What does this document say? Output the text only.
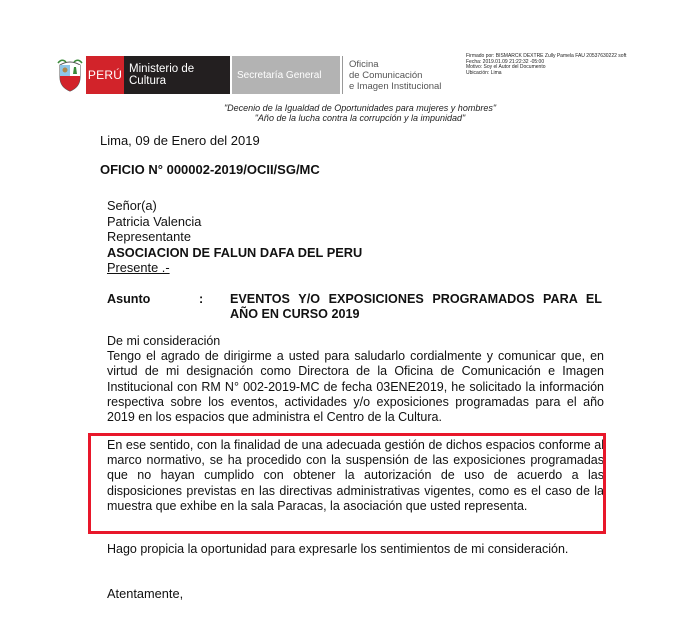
PERÚ Ministerio de Cultura	Secretaría General
Oficina
de Comunicación
e Imagen Institucional
Firmado por: BISMARCK DEXTRE Zully Pamela FAU 20537630222 soft
Fecha: 2019.01.09 21:22:32 -05:00
Motivo: Soy el Autor del Documento
Ubicación: Lima
"Decenio de la Igualdad de Oportunidades para mujeres y hombres"
"Año de la lucha contra la corrupción y la impunidad"
Lima, 09 de Enero del 2019
OFICIO N° 000002-2019/OCII/SG/MC
Señor(a)
Patricia Valencia
Representante
ASOCIACION DE FALUN DAFA DEL PERU
Presente .-
Asunto	: EVENTOS Y/O EXPOSICIONES PROGRAMADOS PARA EL AÑO EN CURSO 2019
De mi consideración
Tengo el agrado de dirigirme a usted para saludarlo cordialmente y comunicar que, en virtud de mi designación como Directora de la Oficina de Comunicación e Imagen Institucional con RM N° 002-2019-MC de fecha 03ENE2019, he solicitado la información respectiva sobre los eventos, actividades y/o exposiciones programadas para el año 2019 en los espacios que administra el Centro de la Cultura.
En ese sentido, con la finalidad de una adecuada gestión de dichos espacios conforme al marco normativo, se ha procedido con la suspensión de las exposiciones programadas que no hayan cumplido con obtener la autorización de uso de acuerdo a las disposiciones previstas en las directivas administrativas vigentes, como es el caso de la muestra que exhibe en la sala Paracas, la asociación que usted representa.
Hago propicia la oportunidad para expresarle los sentimientos de mi consideración.
Atentamente,
